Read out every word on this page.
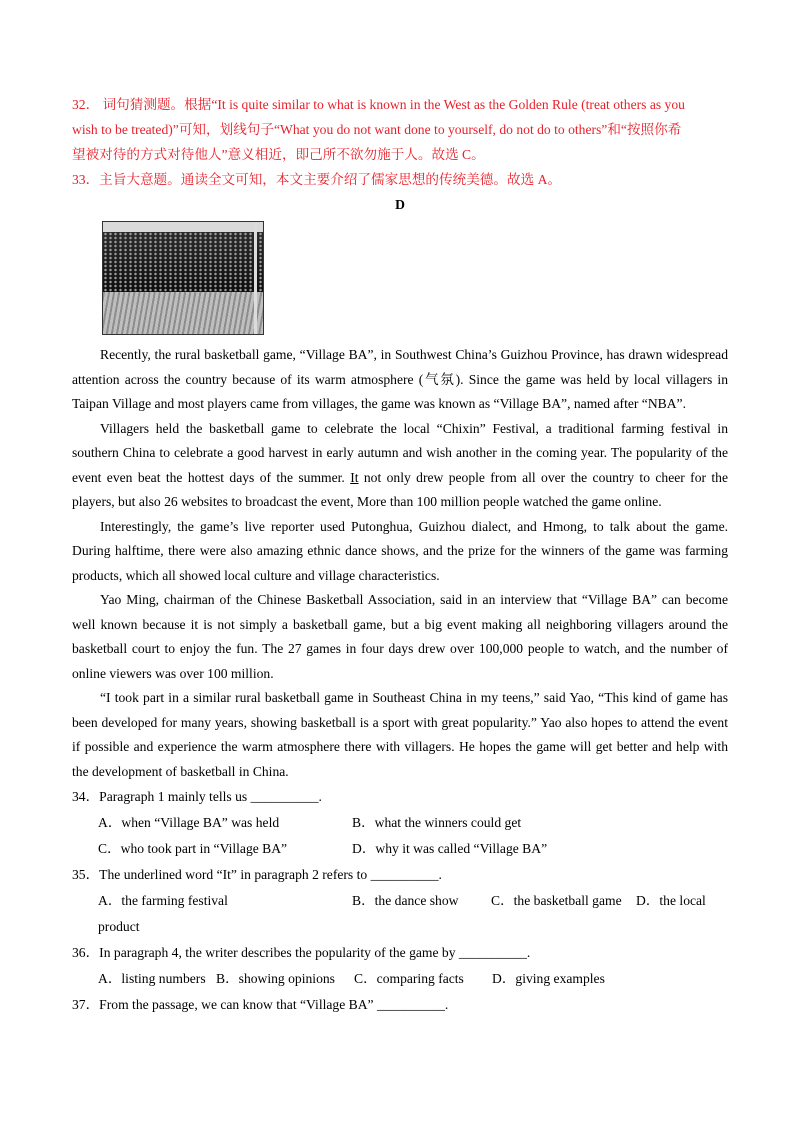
32． 词句猜测题。根据“It is quite similar to what is known in the West as the Golden Rule (treat others as you
wish to be treated)”可知，划线句子“What you do not want done to yourself, do not do to others”和“按照你希
望被对待的方式对待他人”意义相近，即己所不欲勿施于人。故选 C。
33．主旨大意题。通读全文可知，本文主要介绍了儒家思想的传统美德。故选 A。
D

Recently, the rural basketball game, “Village BA”, in Southwest China’s Guizhou Province, has drawn widespread attention across the country because of its warm atmosphere (气氛). Since the game was held by local villagers in Taipan Village and most players came from villages, the game was known as “Village BA”, named after “NBA”.

Villagers held the basketball game to celebrate the local “Chixin” Festival, a traditional farming festival in southern China to celebrate a good harvest in early autumn and wish another in the coming year. The popularity of the event even beat the hottest days of the summer. It not only drew people from all over the country to cheer for the players, but also 26 websites to broadcast the event, More than 100 million people watched the game online.

Interestingly, the game’s live reporter used Putonghua, Guizhou dialect, and Hmong, to talk about the game. During halftime, there were also amazing ethnic dance shows, and the prize for the winners of the game was farming products, which all showed local culture and village characteristics.

Yao Ming, chairman of the Chinese Basketball Association, said in an interview that “Village BA” can become well known because it is not simply a basketball game, but a big event making all neighboring villagers around the basketball court to enjoy the fun. The 27 games in four days drew over 100,000 people to watch, and the number of online viewers was over 100 million.

“I took part in a similar rural basketball game in Southeast China in my teens,” said Yao, “This kind of game has been developed for many years, showing basketball is a sport with great popularity.” Yao also hopes to attend the event if possible and experience the warm atmosphere there with villagers. He hopes the game will get better and help with the development of basketball in China.

34．Paragraph 1 mainly tells us __________.

A．when “Village BA” was held	B．what the winners could get
C．who took part in “Village BA”	D．why it was called “Village BA”

35．The underlined word “It” in paragraph 2 refers to __________.

A．the farming festival	B．the dance show	C．the basketball game	D．the local
product

36．In paragraph 4, the writer describes the popularity of the game by __________.

A．listing numbers B．showing opinions	C．comparing facts	D．giving examples

37．From the passage, we can know that “Village BA” __________.
